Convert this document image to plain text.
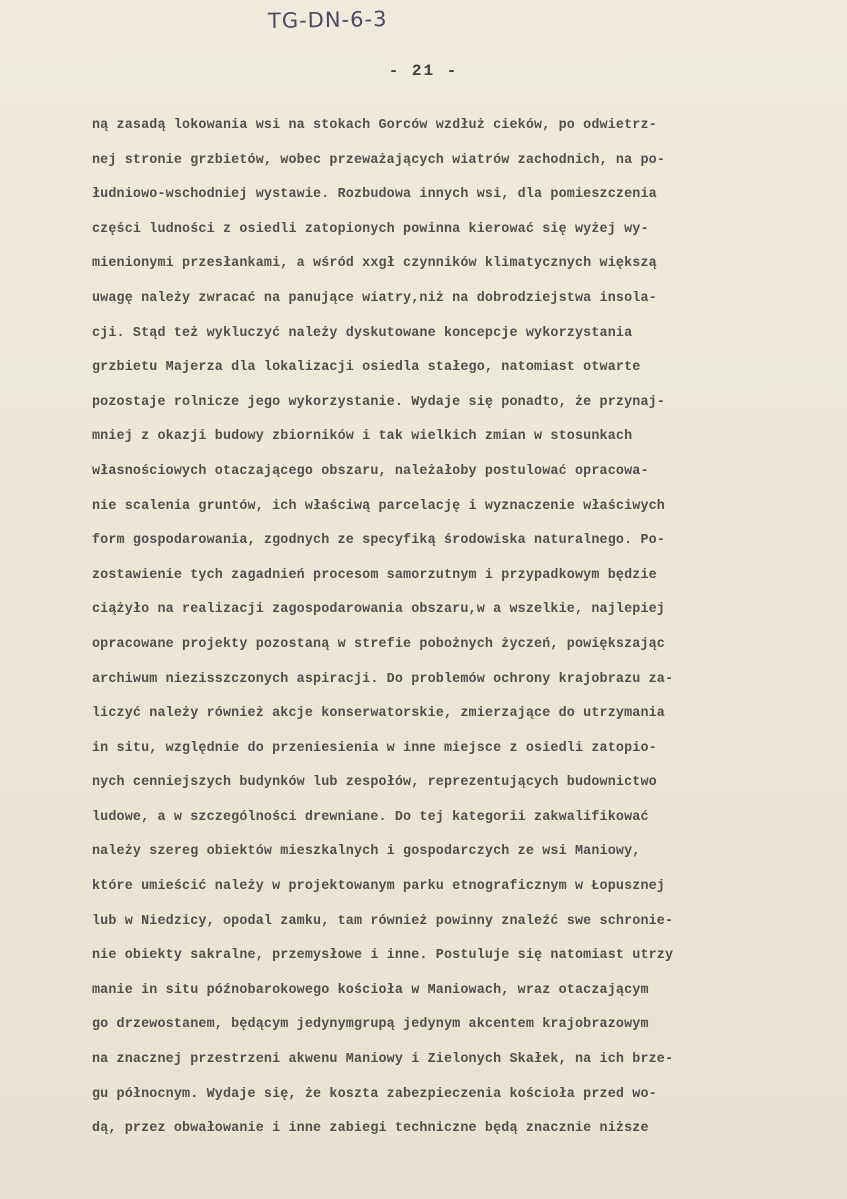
TG-DN-6-3
- 21 -
ną zasadą lokowania wsi na stokach Gorców wzdłuż cieków, po odwietrz-
nej stronie grzbietów, wobec przeważających wiatrów zachodnich, na po-
łudniowo-wschodniej wystawie. Rozbudowa innych wsi, dla pomieszczenia
części ludności z osiedli zatopionych powinna kierować się wyżej wy-
mienionymi przesłankami, a wśród xxgł czynników klimatycznych większą
uwagę należy zwracać na panujące wiatry,niż na dobrodziejstwa insola-
cji. Stąd też wykluczyć należy dyskutowane koncepcje wykorzystania
grzbietu Majerza dla lokalizacji osiedla stałego, natomiast otwarte
pozostaje rolnicze jego wykorzystanie. Wydaje się ponadto, że przynaj-
mniej z okazji budowy zbiorników i tak wielkich zmian w stosunkach
własnościowych otaczającego obszaru, należałoby postulować opracowa-
nie scalenia gruntów, ich właściwą parcelację i wyznaczenie właściwych
form gospodarowania, zgodnych ze specyfiką środowiska naturalnego. Po-
zostawienie tych zagadnień procesom samorzutnym i przypadkowym będzie
ciążyło na realizacji zagospodarowania obszaru,w a wszelkie, najlepiej
opracowane projekty pozostaną w strefie pobożnych życzeń, powiększając
archiwum niezisszczonych aspiracji. Do problemów ochrony krajobrazu za-
liczyć należy również akcje konserwatorskie, zmierzające do utrzymania
in situ, względnie do przeniesienia w inne miejsce z osiedli zatopio-
nych cenniejszych budynków lub zespołów, reprezentujących budownictwo
ludowe, a w szczególności drewniane. Do tej kategorii zakwalifikować
należy szereg obiektów mieszkalnych i gospodarczych ze wsi Maniowy,
które umieścić należy w projektowanym parku etnograficznym w Łopusznej
lub w Niedzicy, opodal zamku, tam również powinny znaleźć swe schronie-
nie obiekty sakralne, przemysłowe i inne. Postuluje się natomiast utrzy
manie in situ późnobarokowego kościoła w Maniowach, wraz otaczającym
go drzewostanem, będącym jedynymgrupą jedynym akcentem krajobrazowym
na znacznej przestrzeni akwenu Maniowy i Zielonych Skałek, na ich brze-
gu północnym. Wydaje się, że koszta zabezpieczenia kościoła przed wo-
dą, przez obwałowanie i inne zabiegi techniczne będą znacznie niższe
